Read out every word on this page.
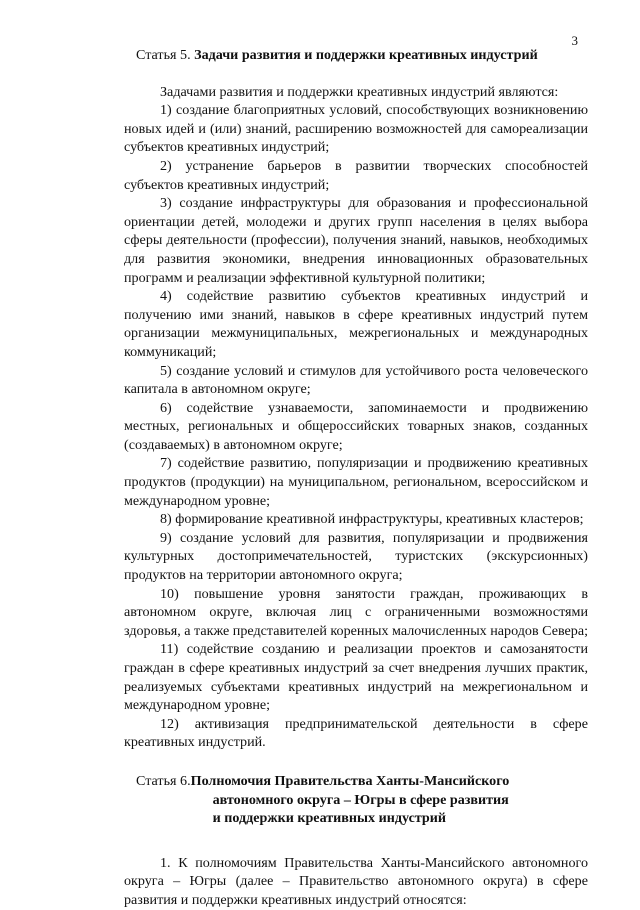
3

Статья 5. Задачи развития и поддержки креативных индустрий

Задачами развития и поддержки креативных индустрий являются:

1) создание благоприятных условий, способствующих возникновению новых идей и (или) знаний, расширению возможностей для самореализации субъектов креативных индустрий;

2) устранение барьеров в развитии творческих способностей субъектов креативных индустрий;

3) создание инфраструктуры для образования и профессиональной ориентации детей, молодежи и других групп населения в целях выбора сферы деятельности (профессии), получения знаний, навыков, необходимых для развития экономики, внедрения инновационных образовательных программ и реализации эффективной культурной политики;

4) содействие развитию субъектов креативных индустрий и получению ими знаний, навыков в сфере креативных индустрий путем организации межмуниципальных, межрегиональных и международных коммуникаций;

5) создание условий и стимулов для устойчивого роста человеческого капитала в автономном округе;

6) содействие узнаваемости, запоминаемости и продвижению местных, региональных и общероссийских товарных знаков, созданных (создаваемых) в автономном округе;

7) содействие развитию, популяризации и продвижению креативных продуктов (продукции) на муниципальном, региональном, всероссийском и международном уровне;

8) формирование креативной инфраструктуры, креативных кластеров;

9) создание условий для развития, популяризации и продвижения культурных достопримечательностей, туристских (экскурсионных) продуктов на территории автономного округа;

10) повышение уровня занятости граждан, проживающих в автономном округе, включая лиц с ограниченными возможностями здоровья, а также представителей коренных малочисленных народов Севера;

11) содействие созданию и реализации проектов и самозанятости граждан в сфере креативных индустрий за счет внедрения лучших практик, реализуемых субъектами креативных индустрий на межрегиональном и международном уровне;

12) активизация предпринимательской деятельности в сфере креативных индустрий.

Статья 6. Полномочия Правительства Ханты-Мансийского
автономного округа – Югры в сфере развития
и поддержки креативных индустрий

1. К полномочиям Правительства Ханты-Мансийского автономного округа – Югры (далее – Правительство автономного округа) в сфере развития и поддержки креативных индустрий относятся:
